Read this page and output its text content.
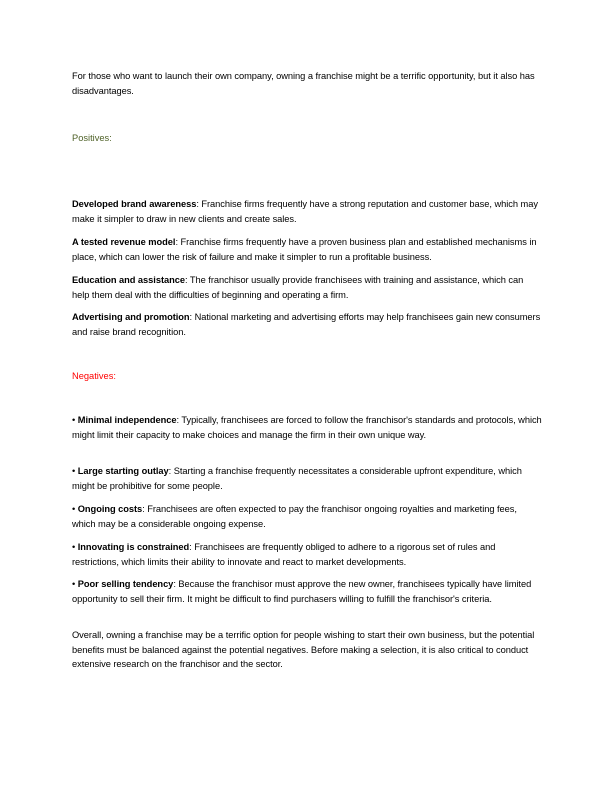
For those who want to launch their own company, owning a franchise might be a terrific opportunity, but it also has disadvantages.

Positives:

Developed brand awareness: Franchise firms frequently have a strong reputation and customer base, which may make it simpler to draw in new clients and create sales.

A tested revenue model: Franchise firms frequently have a proven business plan and established mechanisms in place, which can lower the risk of failure and make it simpler to run a profitable business.

Education and assistance: The franchisor usually provide franchisees with training and assistance, which can help them deal with the difficulties of beginning and operating a firm.

Advertising and promotion: National marketing and advertising efforts may help franchisees gain new consumers and raise brand recognition.

Negatives:

• Minimal independence: Typically, franchisees are forced to follow the franchisor's standards and protocols, which might limit their capacity to make choices and manage the firm in their own unique way.

• Large starting outlay: Starting a franchise frequently necessitates a considerable upfront expenditure, which might be prohibitive for some people.

• Ongoing costs: Franchisees are often expected to pay the franchisor ongoing royalties and marketing fees, which may be a considerable ongoing expense.

• Innovating is constrained: Franchisees are frequently obliged to adhere to a rigorous set of rules and restrictions, which limits their ability to innovate and react to market developments.

• Poor selling tendency: Because the franchisor must approve the new owner, franchisees typically have limited opportunity to sell their firm. It might be difficult to find purchasers willing to fulfill the franchisor's criteria.

Overall, owning a franchise may be a terrific option for people wishing to start their own business, but the potential benefits must be balanced against the potential negatives. Before making a selection, it is also critical to conduct extensive research on the franchisor and the sector.
